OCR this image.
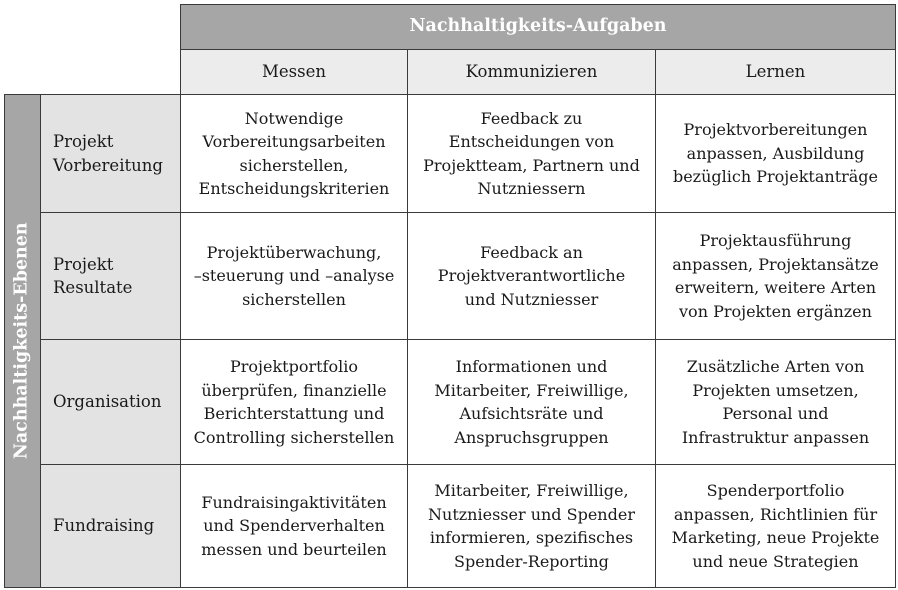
Nachhaltigkeits-Aufgaben
Messen	Kommunizieren	Lernen
Nachhaltigkeits-Ebenen
Projekt
Vorbereitung
Notwendige
Vorbereitungsarbeiten
sicherstellen,
Entscheidungskriterien
Feedback zu
Entscheidungen von
Projektteam, Partnern und
Nutzniessern
Projektvorbereitungen
anpassen, Ausbildung
bezüglich Projektanträge
Projekt
Resultate
Projektüberwachung,
–steuerung und –analyse
sicherstellen
Feedback an
Projektverantwortliche
und Nutzniesser
Projektausführung
anpassen, Projektansätze
erweitern, weitere Arten
von Projekten ergänzen
Organisation
Projektportfolio
überprüfen, finanzielle
Berichterstattung und
Controlling sicherstellen
Informationen und
Mitarbeiter, Freiwillige,
Aufsichtsräte und
Anspruchsgruppen
Zusätzliche Arten von
Projekten umsetzen,
Personal und
Infrastruktur anpassen
Fundraising
Fundraisingaktivitäten
und Spenderverhalten
messen und beurteilen
Mitarbeiter, Freiwillige,
Nutzniesser und Spender
informieren, spezifisches
Spender-Reporting
Spenderportfolio
anpassen, Richtlinien für
Marketing, neue Projekte
und neue Strategien
